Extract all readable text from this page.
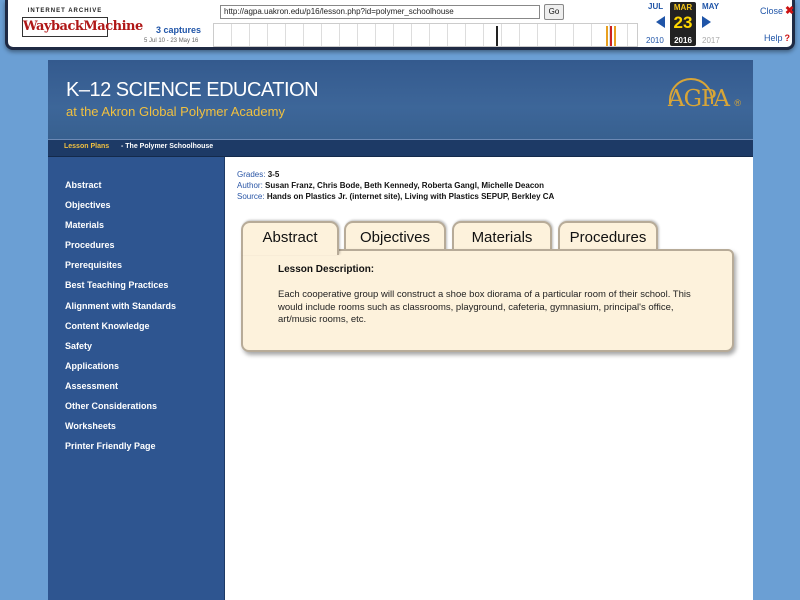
INTERNET ARCHIVE
WaybackMachine
http://agpa.uakron.edu/p16/lesson.php?id=polymer_schoolhouse	Go
3 captures
5 Jul 10 - 23 May 16
JUL
2010
MAR
23
2016
MAY
2017
Close ✖
Help ?
K–12 SCIENCE EDUCATION
at the Akron Global Polymer Academy	AGPA ®
Lesson Plans - The Polymer Schoolhouse
Abstract
Objectives
Materials
Procedures
Prerequisites
Best Teaching Practices
Alignment with Standards
Content Knowledge
Safety
Applications
Assessment
Other Considerations
Worksheets
Printer Friendly Page
Grades: 3-5
Author: Susan Franz, Chris Bode, Beth Kennedy, Roberta Gangl, Michelle Deacon
Source: Hands on Plastics Jr. (internet site), Living with Plastics SEPUP, Berkley CA
Abstract	Objectives	Materials	Procedures
Lesson Description:
Each cooperative group will construct a shoe box diorama of a particular room of their school. This would include rooms such as classrooms, playground, cafeteria, gymnasium, principal's office, art/music rooms, etc.
